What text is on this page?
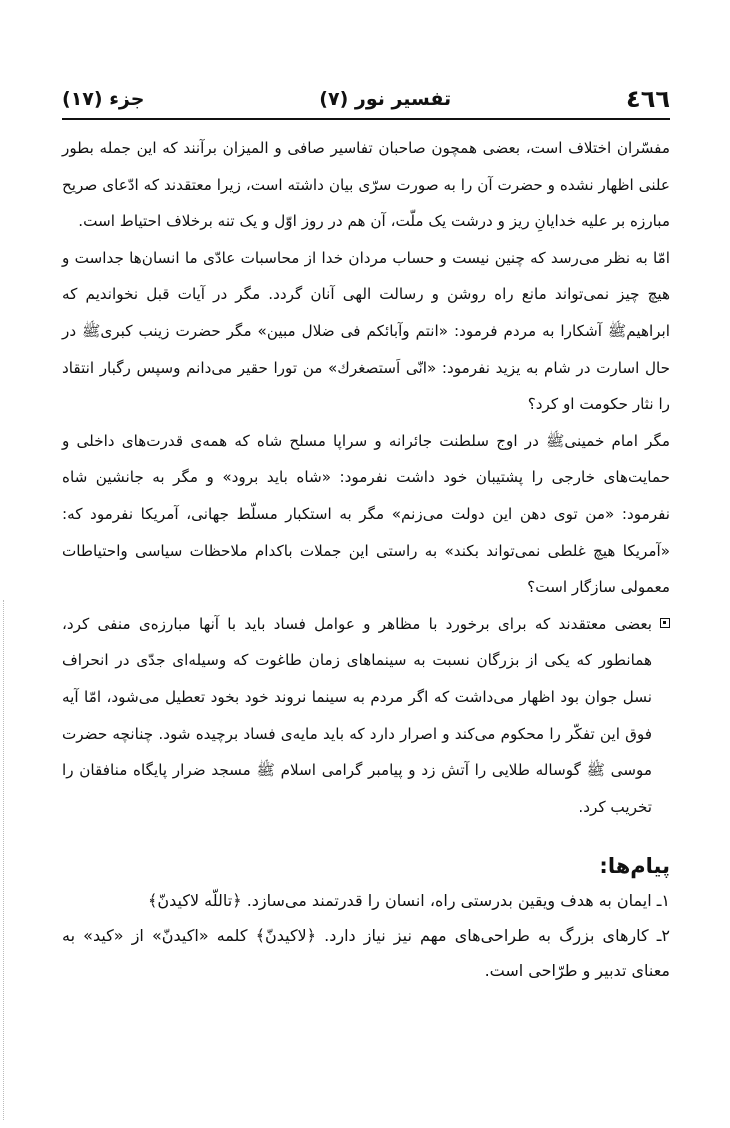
٤٦٦
تفسیر نور (۷)
جزء (۱۷)

مفسّران اختلاف است، بعضی همچون صاحبان تفاسیر صافی و المیزان برآنند که این جمله بطور علنی اظهار نشده و حضرت آن را به صورت سرّی بیان داشته است، زیرا معتقدند که ادّعای صریح مبارزه بر علیه خدایانِ ریز و درشت یک ملّت، آن هم در روز اوّل و یک تنه برخلاف احتیاط است.

امّا به نظر می‌رسد که چنین نیست و حساب مردان خدا از محاسبات عادّی ما انسان‌ها جداست و هیچ چیز نمی‌تواند مانع راه روشن و رسالت الهی آنان گردد. مگر در آیات قبل نخواندیم که ابراهیمﷺ آشکارا به مردم فرمود: «انتم وآبائکم فی ضلال مبین» مگر حضرت زینب کبری‌ﷺ در حال اسارت در شام به یزید نفرمود: «انّی اَستصغرك» من تورا حقیر می‌دانم وسپس رگبار انتقاد را نثار حکومت او کرد؟

مگر امام خمینی‌ﷺ در اوج سلطنت جائرانه و سراپا مسلح شاه که همه‌ی قدرت‌های داخلی و حمایت‌های خارجی را پشتیبان خود داشت نفرمود: «شاه باید برود» و مگر به جانشین شاه نفرمود: «من توی دهن این دولت می‌زنم» مگر به استکبار مسلّط جهانی، آمریکا نفرمود که: «آمریکا هیچ غلطی نمی‌تواند بکند» به راستی این جملات باکدام ملاحظات سیاسی واحتیاطات معمولی سازگار است؟

بعضی معتقدند که برای برخورد با مظاهر و عوامل فساد باید با آنها مبارزه‌ی منفی کرد، همانطور که یکی از بزرگان نسبت به سینماهای زمان طاغوت که وسیله‌ای جدّی در انحراف نسل جوان بود اظهار می‌داشت که اگر مردم به سینما نروند خود بخود تعطیل می‌شود، امّا آیه فوق این تفکّر را محکوم می‌کند و اصرار دارد که باید مایه‌ی فساد برچیده شود. چنانچه حضرت موسی ﷺ گوساله طلایی را آتش زد و پیامبر گرامی اسلام ﷺ مسجد ضرار پایگاه منافقان را تخریب کرد.

پیام‌ها:

۱ـ ایمان به هدف ویقین بدرستی راه، انسان را قدرتمند می‌سازد. ﴿تاللّه لاکیدنّ﴾

۲ـ کارهای بزرگ به طراحی‌های مهم نیز نیاز دارد. ﴿لاکیدنّ﴾ کلمه «اکیدنّ» از «کید» به معنای تدبیر و طرّاحی است.
